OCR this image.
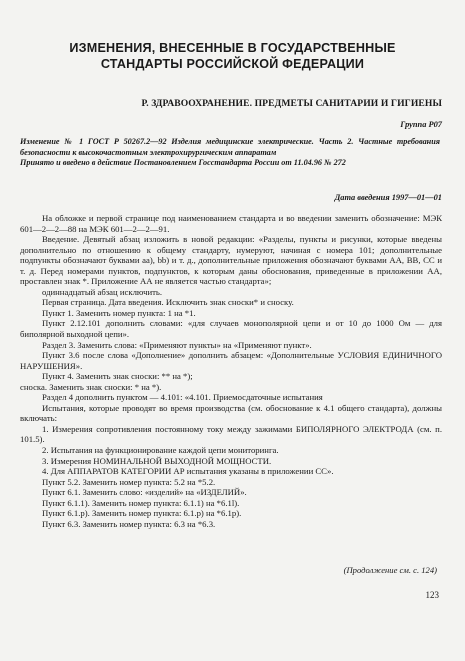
ИЗМЕНЕНИЯ, ВНЕСЕННЫЕ В ГОСУДАРСТВЕННЫЕ
СТАНДАРТЫ РОССИЙСКОЙ ФЕДЕРАЦИИ
Р. ЗДРАВООХРАНЕНИЕ. ПРЕДМЕТЫ САНИТАРИИ И ГИГИЕНЫ
Группа Р07
Изменение № 1 ГОСТ Р 50267.2—92 Изделия медицинские электрические. Часть 2. Частные требования безопасности к высокочастотным электрохирургическим аппаратам
Принято и введено в действие Постановлением Госстандарта России от 11.04.96 № 272
Дата введения 1997—01—01

На обложке и первой странице под наименованием стандарта и во введении заменить обозначение: МЭК 601—2—2—88 на МЭК 601—2—2—91.

Введение. Девятый абзац изложить в новой редакции: «Разделы, пункты и рисунки, которые введены дополнительно по отношению к общему стандарту, нумеруют, начиная с номера 101; дополнительные подпункты обозначают буквами aa), bb) и т. д., дополнительные приложения обозначают буквами АА, ВВ, СС и т. д. Перед номерами пунктов, подпунктов, к которым даны обоснования, приведенные в приложении АА, проставлен знак *. Приложение АА не является частью стандарта»;

одиннадцатый абзац исключить.

Первая страница. Дата введения. Исключить знак сноски* и сноску.

Пункт 1. Заменить номер пункта: 1 на *1.

Пункт 2.12.101 дополнить словами: «для случаев монополярной цепи и от 10 до 1000 Ом — для биполярной выходной цепи».

Раздел 3. Заменить слова: «Применяют пункты» на «Применяют пункт».

Пункт 3.6 после слова «Дополнение» дополнить абзацем: «Дополнительные УСЛОВИЯ ЕДИНИЧНОГО НАРУШЕНИЯ».

Пункт 4. Заменить знак сноски: ** на *);

сноска. Заменить знак сноски: * на *).

Раздел 4 дополнить пунктом — 4.101: «4.101. Приемосдаточные испытания

Испытания, которые проводят во время производства (см. обоснование к 4.1 общего стандарта), должны включать:

1. Измерения сопротивления постоянному току между зажимами БИПОЛЯРНОГО ЭЛЕКТРОДА (см. п. 101.5).

2. Испытания на функционирование каждой цепи мониторинга.

3. Измерения НОМИНАЛЬНОЙ ВЫХОДНОЙ МОЩНОСТИ.

4. Для АППАРАТОВ КАТЕГОРИИ АР испытания указаны в приложении СС».

Пункт 5.2. Заменить номер пункта: 5.2 на *5.2.

Пункт 6.1. Заменить слово: «изделий» на «ИЗДЕЛИЙ».

Пункт 6.1.1). Заменить номер пункта: 6.1.1) на *6.1l).

Пункт 6.1.р). Заменить номер пункта: 6.1.р) на *6.1р).

Пункт 6.3. Заменить номер пункта: 6.3 на *6.3.

(Продолжение см. с. 124)
123
